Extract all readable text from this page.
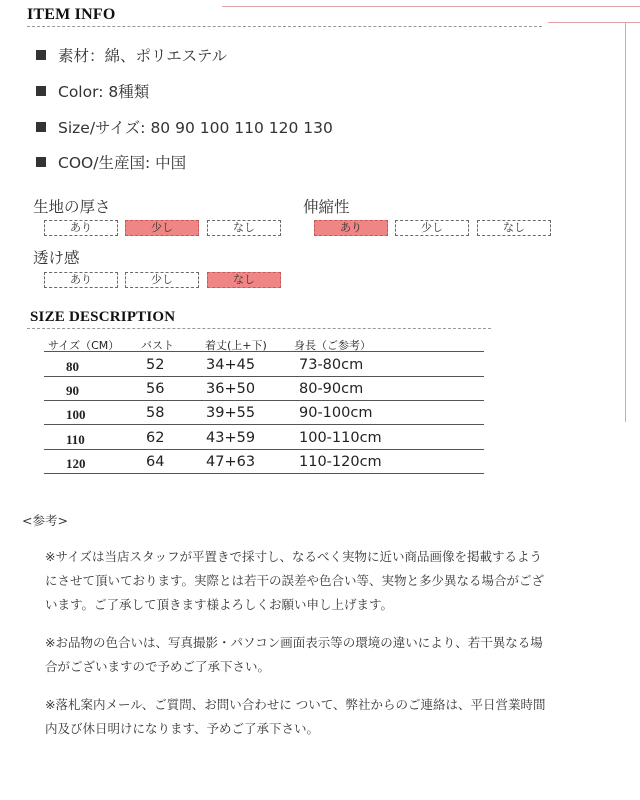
ITEM INFO
素材：綿、ポリエステル
Color: 8種類
Size/サイズ: 80 90 100 110 120 130
COO/生産国: 中国
生地の厚さ
あり	少し	なし
伸縮性
あり	少し	なし
透け感
あり	少し	なし
SIZE DESCRIPTION
サイズ（CM） バスト	着丈(上+下) 身長（ご参考）
80	52	34+45	73-80cm
90	56	36+50	80-90cm
100	58	39+55	90-100cm
110	62	43+59	100-110cm
120	64	47+63	110-120cm
<参考>
※サイズは当店スタッフが平置きで採寸し、なるべく実物に近い商品画像を掲載するようにさせて頂いております。実際とは若干の誤差や色合い等、実物と多少異なる場合がございます。ご了承して頂きます様よろしくお願い申し上げます。
※お品物の色合いは、写真撮影・パソコン画面表示等の環境の違いにより、若干異なる場合がございますので予めご了承下さい。
※落札案内メール、ご質問、お問い合わせに ついて、弊社からのご連絡は、平日営業時間内及び休日明けになります、予めご了承下さい。
